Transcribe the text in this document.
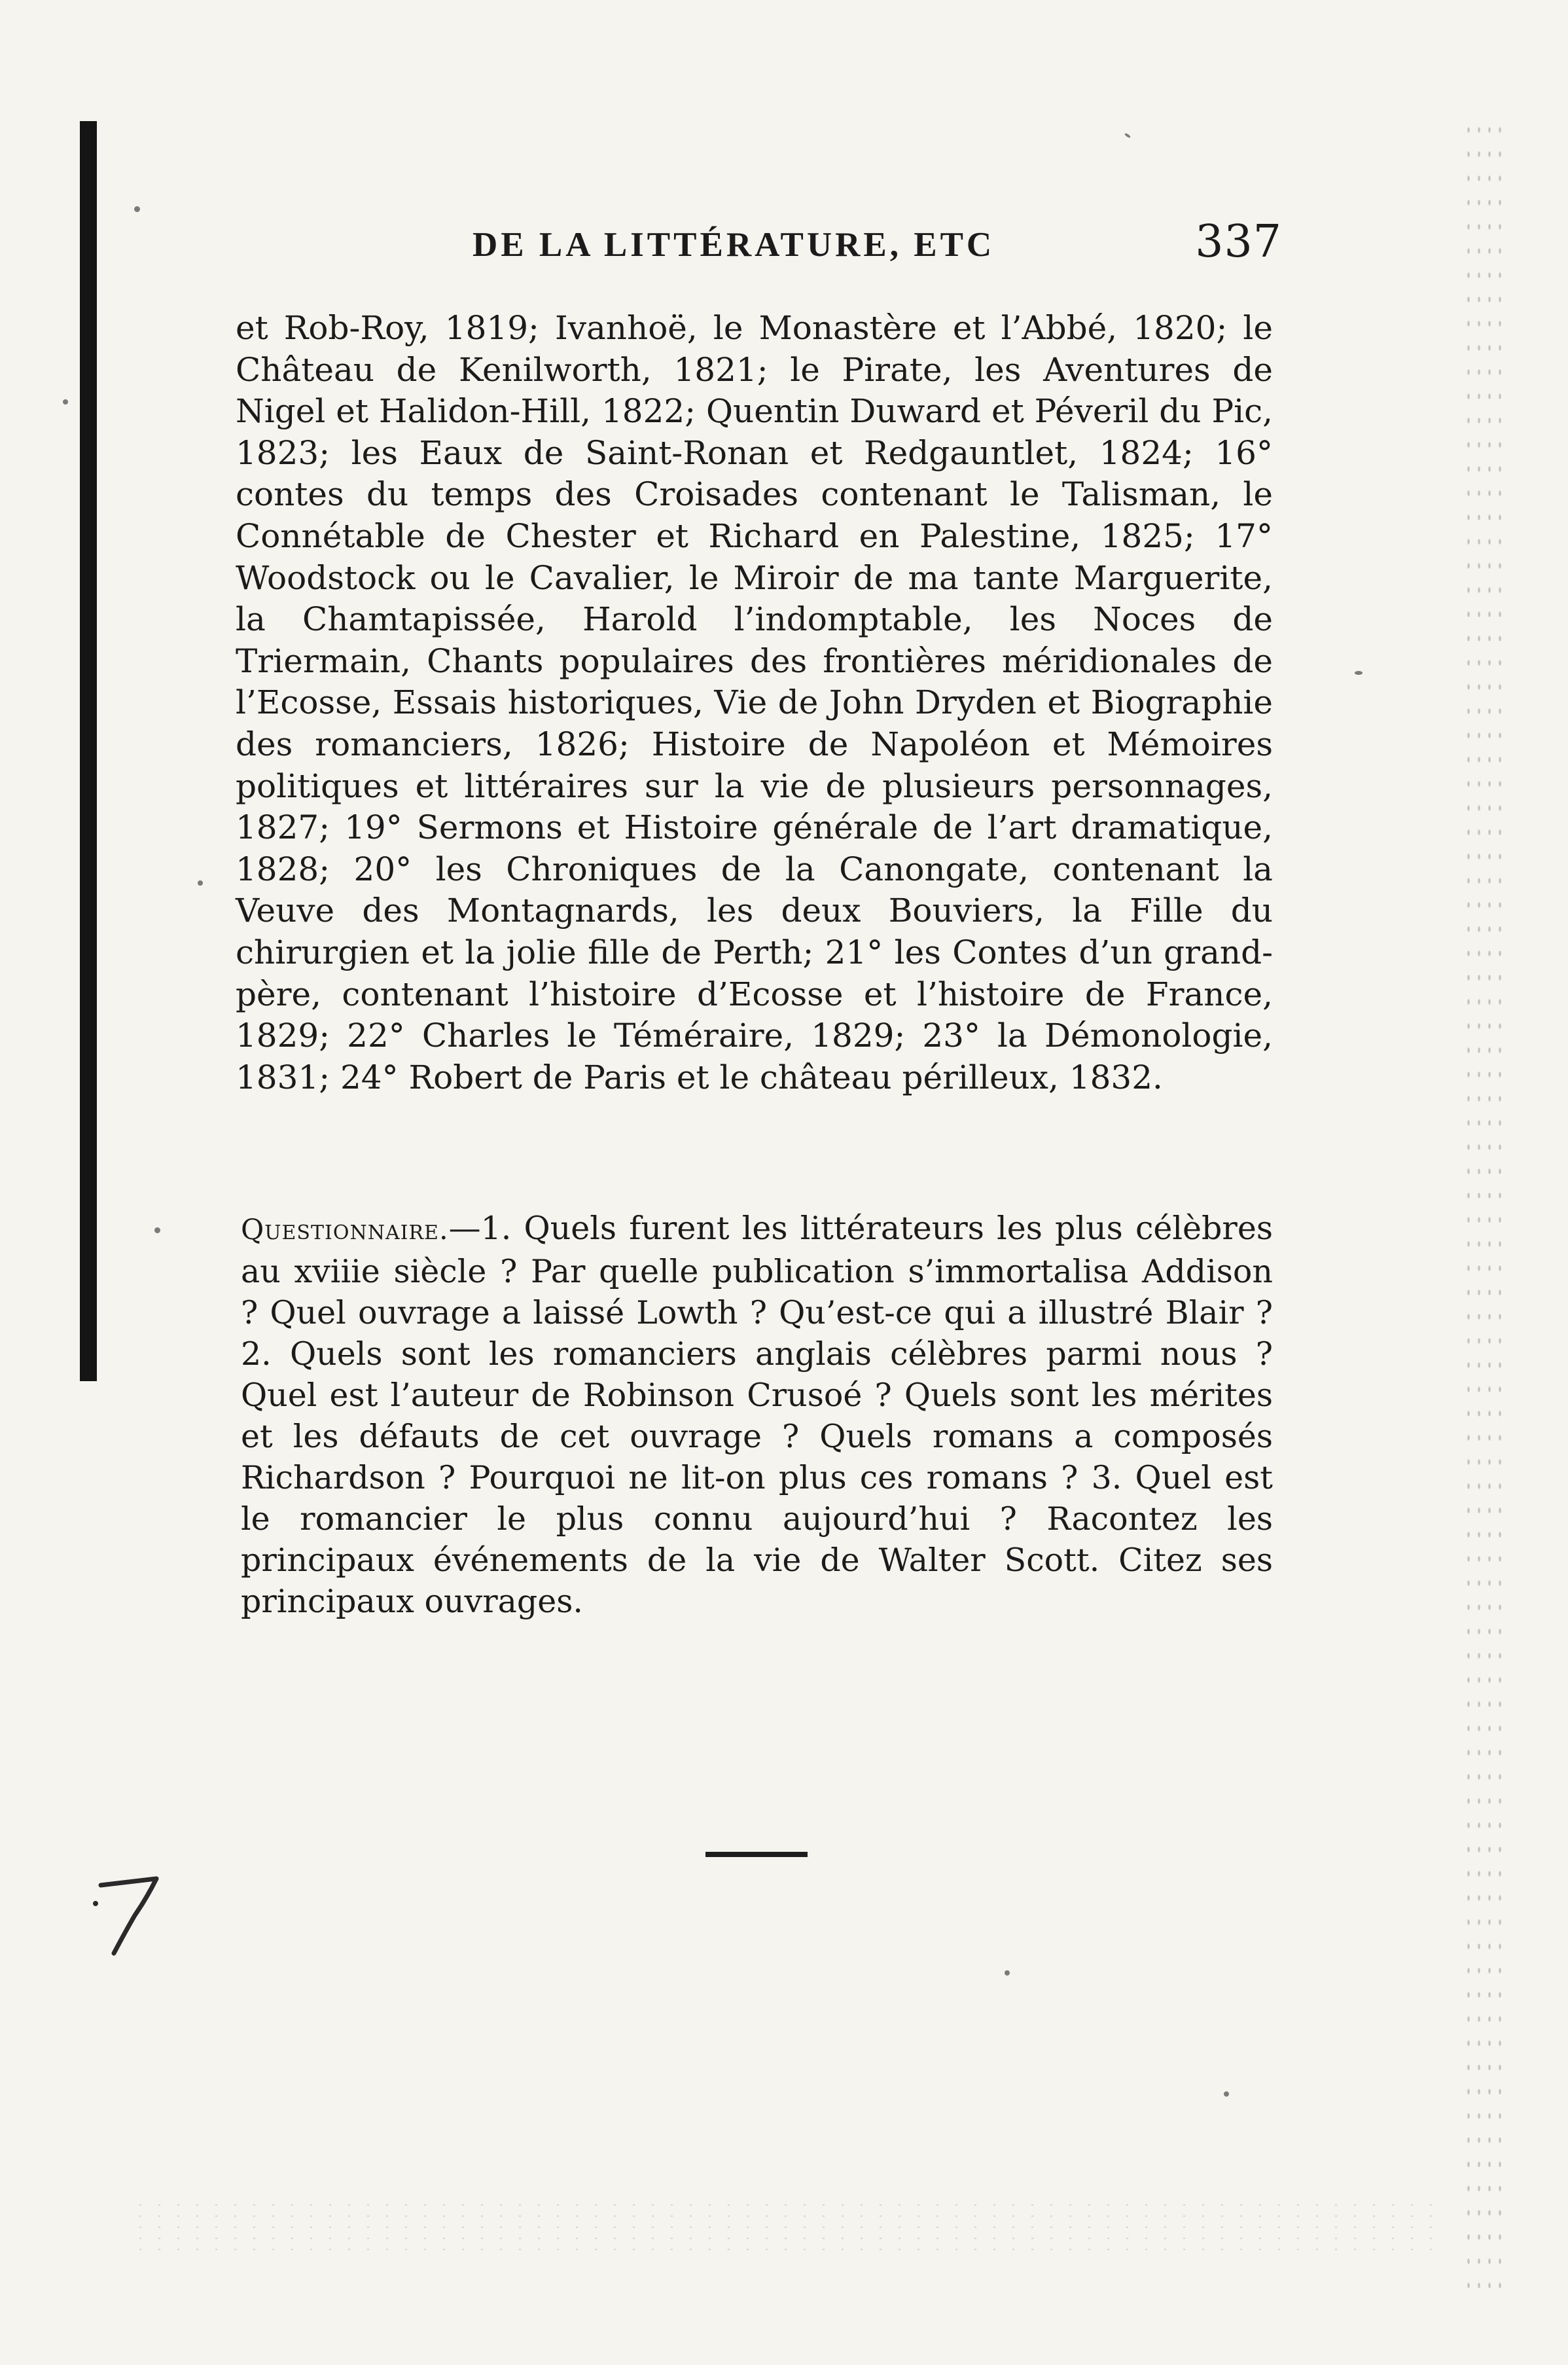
DE LA LITTÉRATURE, ETC	337

et Rob-Roy, 1819; Ivanhoë, le Monastère et l’Abbé, 1820; le Château de Kenilworth, 1821; le Pirate, les Aventures de Nigel et Halidon-Hill, 1822; Quentin Duward et Péveril du Pic, 1823; les Eaux de Saint-Ronan et Redgauntlet, 1824; 16° contes du temps des Croisades contenant le Talisman, le Connétable de Chester et Richard en Palestine, 1825; 17° Woodstock ou le Cavalier, le Miroir de ma tante Marguerite, la Chamtapissée, Harold l’indomptable, les Noces de Triermain, Chants populaires des frontières méridionales de l’Ecosse, Essais historiques, Vie de John Dryden et Biographie des romanciers, 1826; Histoire de Napoléon et Mémoires politiques et littéraires sur la vie de plusieurs personnages, 1827; 19° Sermons et Histoire générale de l’art dramatique, 1828; 20° les Chroniques de la Canongate, contenant la Veuve des Montagnards, les deux Bouviers, la Fille du chirurgien et la jolie fille de Perth; 21° les Contes d’un grand-père, contenant l’histoire d’Ecosse et l’histoire de France, 1829; 22° Charles le Téméraire, 1829; 23° la Démonologie, 1831; 24° Robert de Paris et le château périlleux, 1832.

Questionnaire.—1. Quels furent les littérateurs les plus célèbres au xviiie siècle ? Par quelle publication s’immortalisa Addison ? Quel ouvrage a laissé Lowth ? Qu’est-ce qui a illustré Blair ? 2. Quels sont les romanciers anglais célèbres parmi nous ? Quel est l’auteur de Robinson Crusoé ? Quels sont les mérites et les défauts de cet ouvrage ? Quels romans a composés Richardson ? Pourquoi ne lit-on plus ces romans ? 3. Quel est le romancier le plus connu aujourd’hui ? Racontez les principaux événements de la vie de Walter Scott. Citez ses principaux ouvrages.
